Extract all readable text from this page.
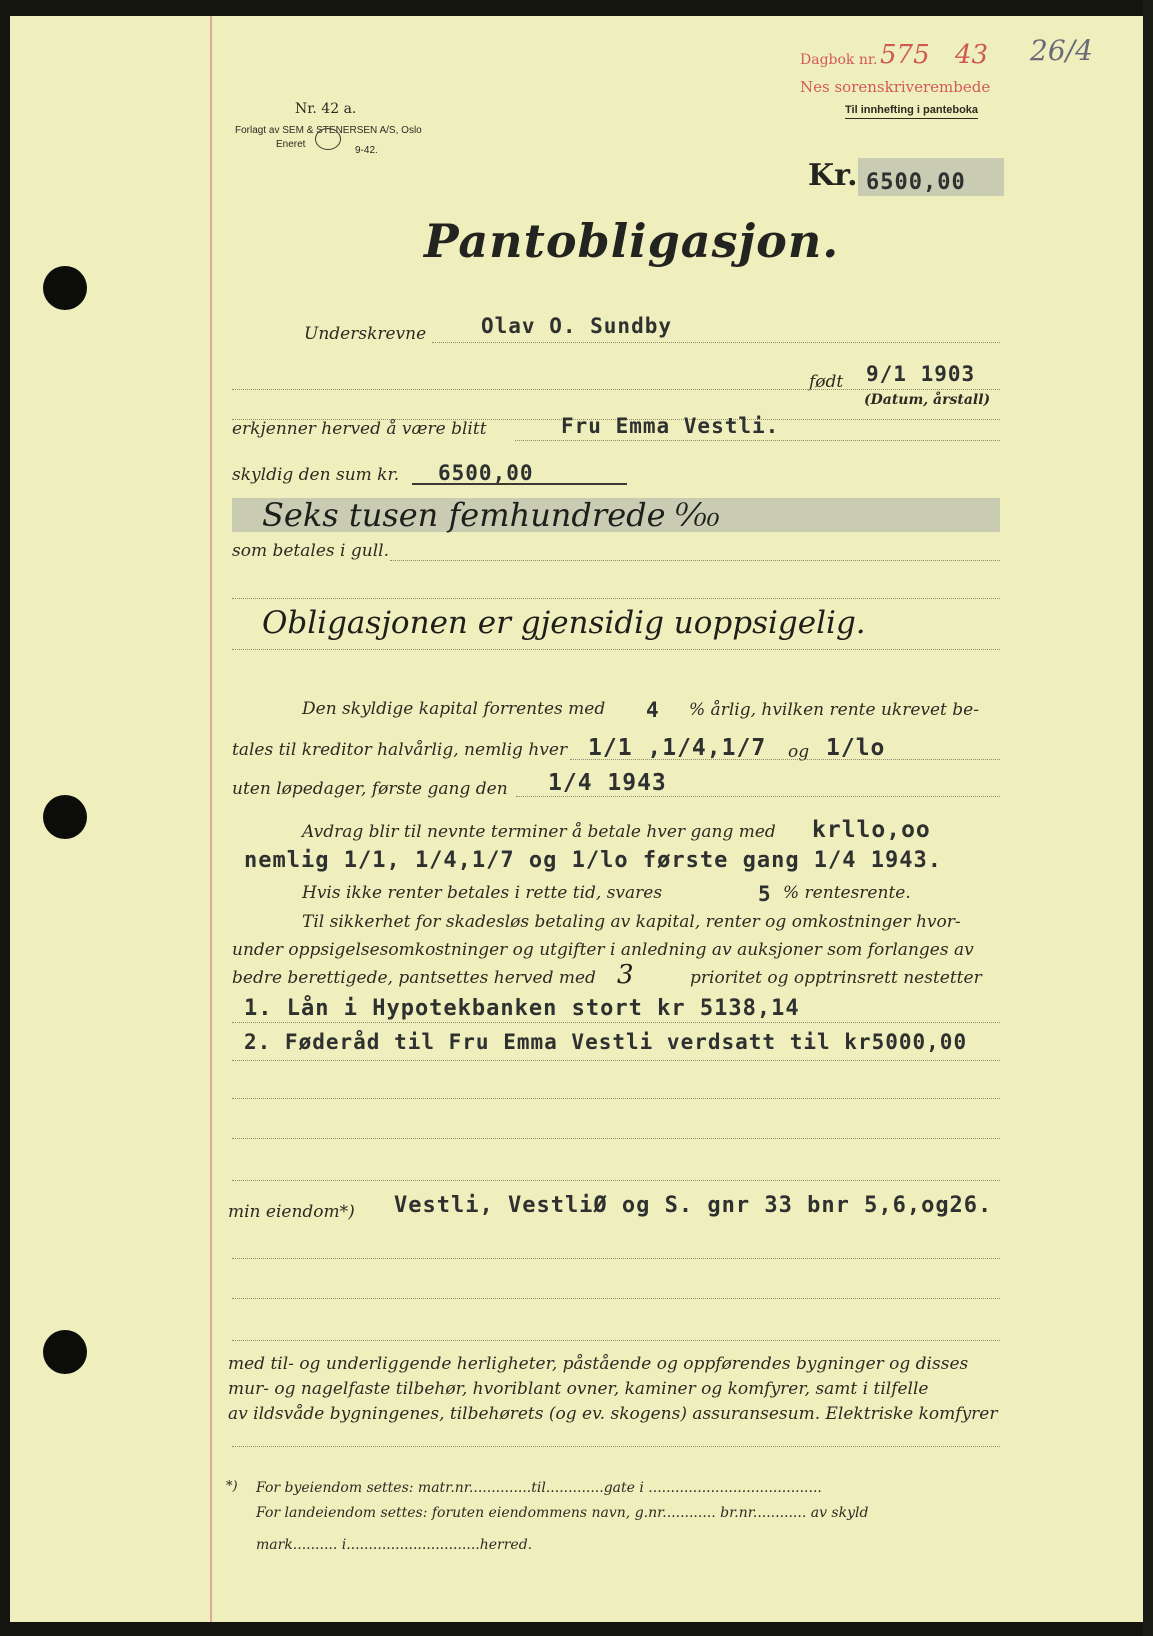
Nr. 42 a.
Forlagt av SEM & STENERSEN A/S, Oslo
Eneret
9-42.
Dagbok nr. 575 43 26/4
Nes sorenskriverembede
Til innhefting i panteboka
Kr. 6500,00
Pantobligasjon.
Underskrevne	Olav O. Sundby
født 9/1 1903
(Datum, årstall)
erkjenner herved å være blitt	Fru Emma Vestli.
skyldig den sum kr. 6500,00
Seks tusen femhundrede ⁰⁄₀₀
som betales i gull.
Obligasjonen er gjensidig uoppsigelig.
Den skyldige kapital forrentes med 4 % årlig, hvilken rente ukrevet be-
tales til kreditor halvårlig, nemlig hver 1/1 ,1/4,1/7 og 1/lo
uten løpedager, første gang den 1/4 1943
Avdrag blir til nevnte terminer å betale hver gang med krllo,oo
nemlig 1/1, 1/4,1/7 og 1/lo første gang 1/4 1943.
Hvis ikke renter betales i rette tid, svares	5 % rentesrente.
Til sikkerhet for skadesløs betaling av kapital, renter og omkostninger hvor-
under oppsigelsesomkostninger og utgifter i anledning av auksjoner som forlanges av
bedre berettigede, pantsettes herved med 3	prioritet og opptrinsrett nestetter
1. Lån i Hypotekbanken stort kr 5138,14
2. Føderåd til Fru Emma Vestli verdsatt til kr5000,00
min eiendom*) Vestli, VestliØ og S. gnr 33 bnr 5,6,og26.
med til- og underliggende herligheter, påstående og oppførendes bygninger og disses
mur- og nagelfaste tilbehør, hvoriblant ovner, kaminer og komfyrer, samt i tilfelle
av ildsvåde bygningenes, tilbehørets (og ev. skogens) assuransesum. Elektriske komfyrer
*) For byeiendom settes: matr.nr..............til.............gate i .......................................
For landeiendom settes: foruten eiendommens navn, g.nr............ br.nr............ av skyld
mark.......... i..............................herred.
